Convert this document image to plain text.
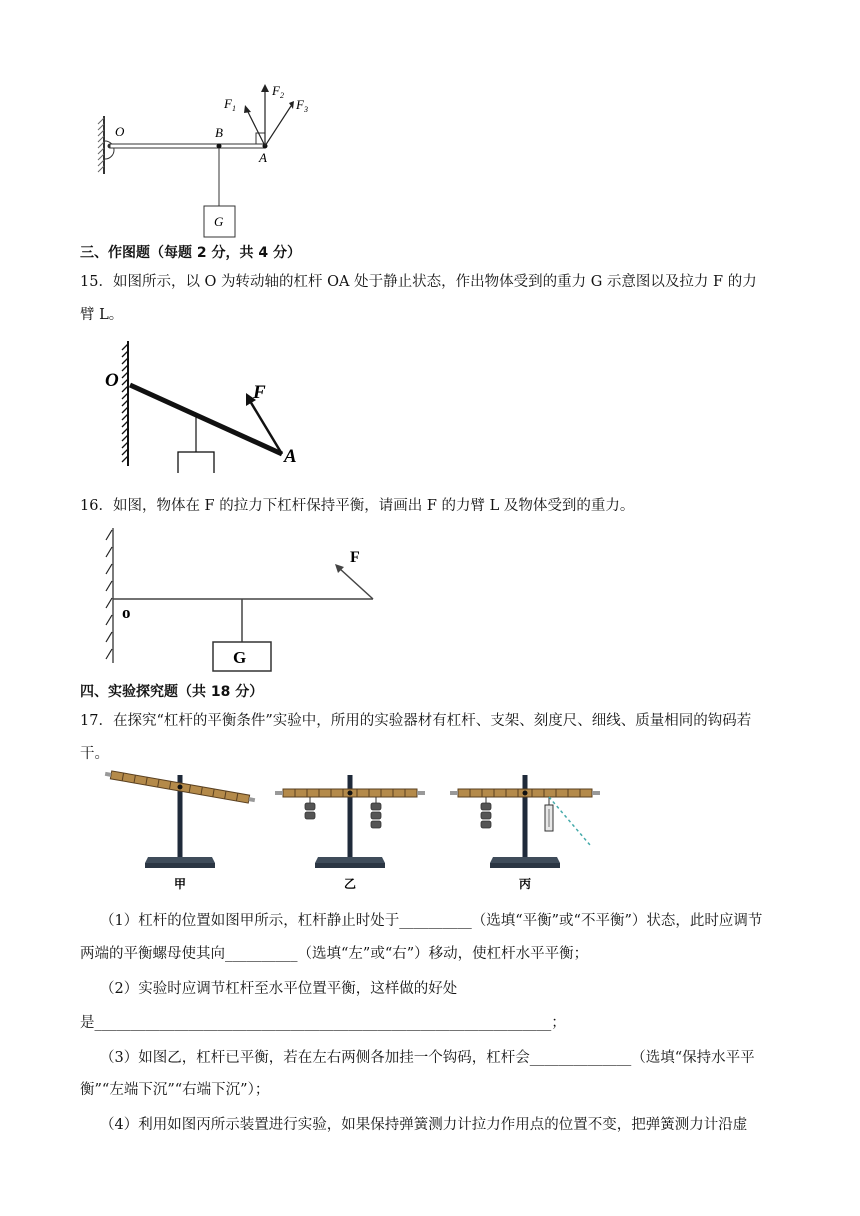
G
O	B
A
$F_1$
$F_2$
$F_3$
三、作图题（每题 2 分，共 4 分）
15．如图所示，以 O 为转动轴的杠杆 OA 处于静止状态，作出物体受到的重力 G 示意图以及拉力 F 的力
臂 L。
O
F
A
16．如图，物体在 F 的拉力下杠杆保持平衡，请画出 F 的力臂 L 及物体受到的重力。
G
o
F
四、实验探究题（共 18 分）
17．在探究“杠杆的平衡条件”实验中，所用的实验器材有杠杆、支架、刻度尺、细线、质量相同的钩码若
干。
甲	乙	丙
（1）杠杆的位置如图甲所示，杠杆静止时处于__________（选填“平衡”或“不平衡”）状态，此时应调节
两端的平衡螺母使其向__________（选填“左”或“右”）移动，使杠杆水平平衡；
（2）实验时应调节杠杆至水平位置平衡，这样做的好处
是_______________________________________________________________；
（3）如图乙，杠杆已平衡，若在左右两侧各加挂一个钩码，杠杆会______________（选填“保持水平平
衡”“左端下沉”“右端下沉”）；
（4）利用如图丙所示装置进行实验，如果保持弹簧测力计拉力作用点的位置不变，把弹簧测力计沿虚
